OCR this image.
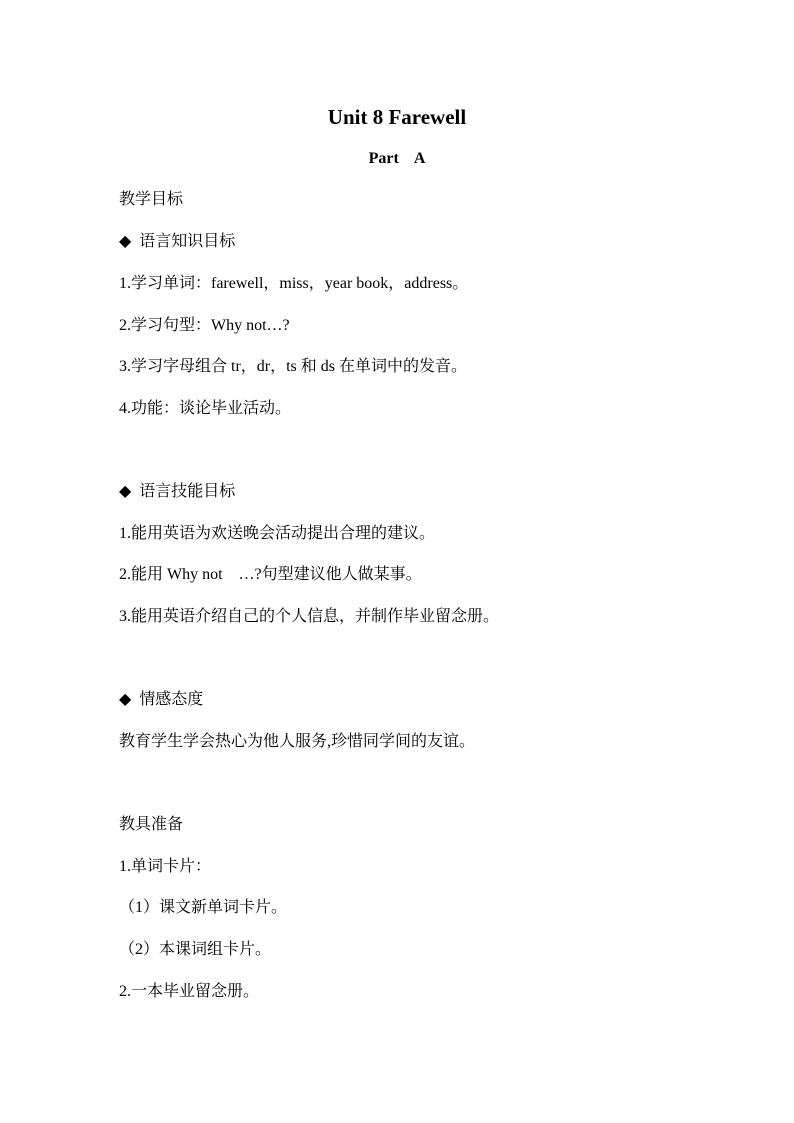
Unit 8 Farewell
Part    A
教学目标
◆  语言知识目标
1.学习单词：farewell，miss，year book，address。
2.学习句型：Why not…?
3.学习字母组合 tr，dr，ts 和 ds 在单词中的发音。
4.功能：谈论毕业活动。
◆  语言技能目标
1.能用英语为欢送晚会活动提出合理的建议。
2.能用 Why not    …?句型建议他人做某事。
3.能用英语介绍自己的个人信息，并制作毕业留念册。
◆  情感态度
教育学生学会热心为他人服务,珍惜同学间的友谊。
教具准备
1.单词卡片：
（1）课文新单词卡片。
（2）本课词组卡片。
2.一本毕业留念册。
